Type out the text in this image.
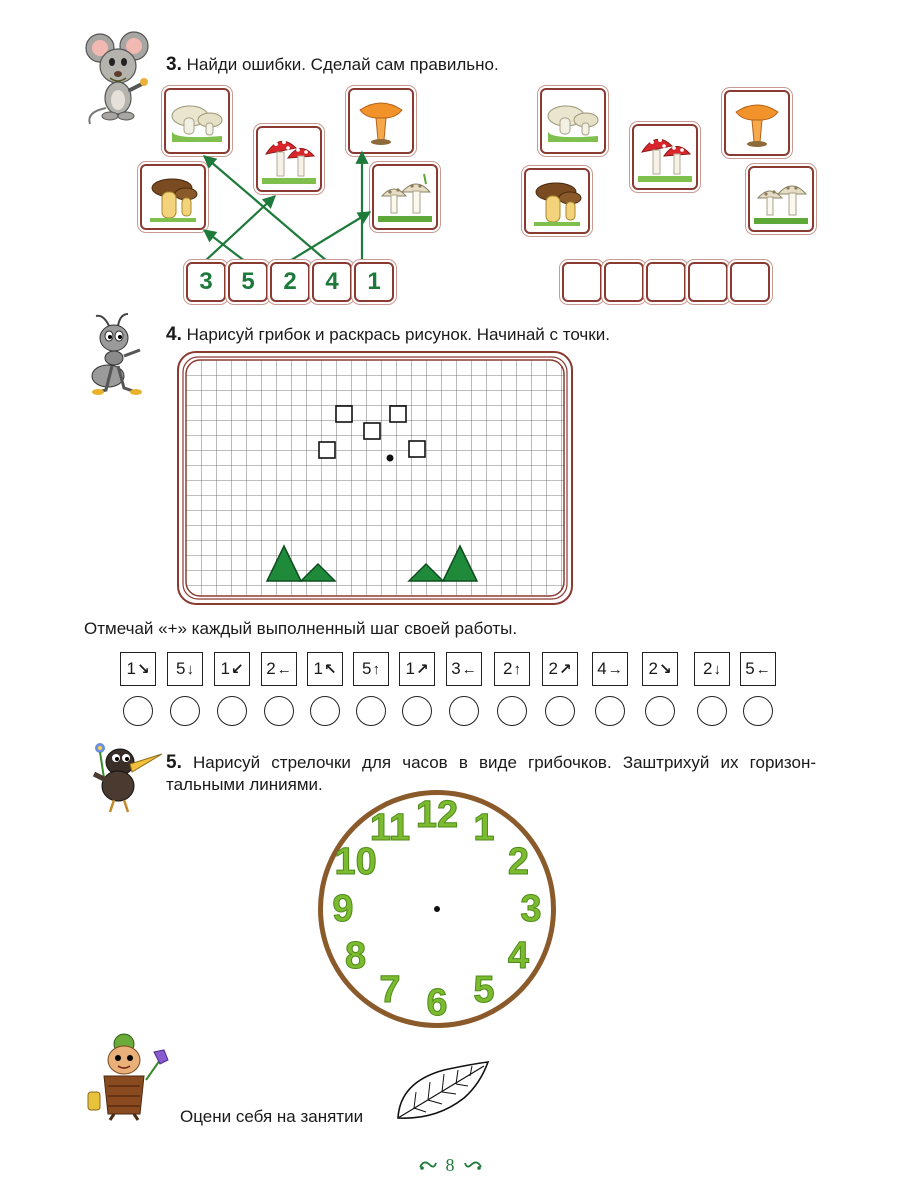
3. Найди ошибки. Сделай сам правильно.
3	5	2	4	1
4. Нарисуй грибок и раскрась рисунок. Начинай с точки.
Отмечай «+» каждый выполненный шаг своей работы.
1 ↘ 5 ↓ 1 ↙ 2 ← 1 ↖ 5 ↑ 1 ↗ 3 ← 2 ↑ 2 ↗ 4 → 2 ↘ 2 ↓ 5 ←
5. Нарисуй стрелочки для часов в виде грибочков. Заштрихуй их горизон-тальными линиями.
12 1
2
3
4
5
6
7
8
9
10
11
Оцени себя на занятии
8
